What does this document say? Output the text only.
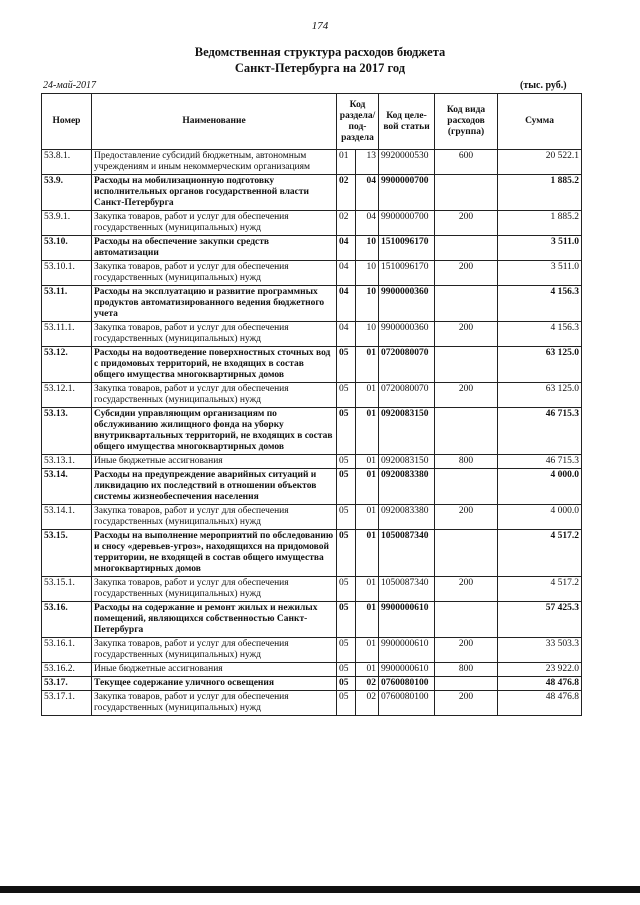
174
Ведомственная структура расходов бюджета
Санкт-Петербурга на 2017 год
24-май-2017	(тыс. руб.)
Номер	Наименование	Код раздела/ под-раздела		Код целе-вой статьи	Код вида расходов (группа)	Сумма
53.8.1.	Предоставление субсидий бюджетным, автономным учреждениям и иным некоммерческим организациям	01	13	9920000530	600	20 522.1
53.9.	Расходы на мобилизационную подготовку исполнительных органов государственной власти Санкт-Петербурга	02	04	9900000700		1 885.2
53.9.1.	Закупка товаров, работ и услуг для обеспечения государственных (муниципальных) нужд	02	04	9900000700	200	1 885.2
53.10.	Расходы на обеспечение закупки средств автоматизации	04	10	1510096170		3 511.0
53.10.1.	Закупка товаров, работ и услуг для обеспечения государственных (муниципальных) нужд	04	10	1510096170	200	3 511.0
53.11.	Расходы на эксплуатацию и развитие программных продуктов автоматизированного ведения бюджетного учета	04	10	9900000360		4 156.3
53.11.1.	Закупка товаров, работ и услуг для обеспечения государственных (муниципальных) нужд	04	10	9900000360	200	4 156.3
53.12.	Расходы на водоотведение поверхностных сточных вод с придомовых территорий, не входящих в состав общего имущества многоквартирных домов	05	01	0720080070		63 125.0
53.12.1.	Закупка товаров, работ и услуг для обеспечения государственных (муниципальных) нужд	05	01	0720080070	200	63 125.0
53.13.	Субсидии управляющим организациям по обслуживанию жилищного фонда на уборку внутриквартальных территорий, не входящих в состав общего имущества многоквартирных домов	05	01	0920083150		46 715.3
53.13.1.	Иные бюджетные ассигнования	05	01	0920083150	800	46 715.3
53.14.	Расходы на предупреждение аварийных ситуаций и ликвидацию их последствий в отношении объектов системы жизнеобеспечения населения	05	01	0920083380		4 000.0
53.14.1.	Закупка товаров, работ и услуг для обеспечения государственных (муниципальных) нужд	05	01	0920083380	200	4 000.0
53.15.	Расходы на выполнение мероприятий по обследованию и сносу «деревьев-угроз», находящихся на придомовой территории, не входящей в состав общего имущества многоквартирных домов	05	01	1050087340		4 517.2
53.15.1.	Закупка товаров, работ и услуг для обеспечения государственных (муниципальных) нужд	05	01	1050087340	200	4 517.2
53.16.	Расходы на содержание и ремонт жилых и нежилых помещений, являющихся собственностью Санкт-Петербурга	05	01	9900000610		57 425.3
53.16.1.	Закупка товаров, работ и услуг для обеспечения государственных (муниципальных) нужд	05	01	9900000610	200	33 503.3
53.16.2.	Иные бюджетные ассигнования	05	01	9900000610	800	23 922.0
53.17.	Текущее содержание уличного освещения	05	02	0760080100		48 476.8
53.17.1.	Закупка товаров, работ и услуг для обеспечения государственных (муниципальных) нужд	05	02	0760080100	200	48 476.8
